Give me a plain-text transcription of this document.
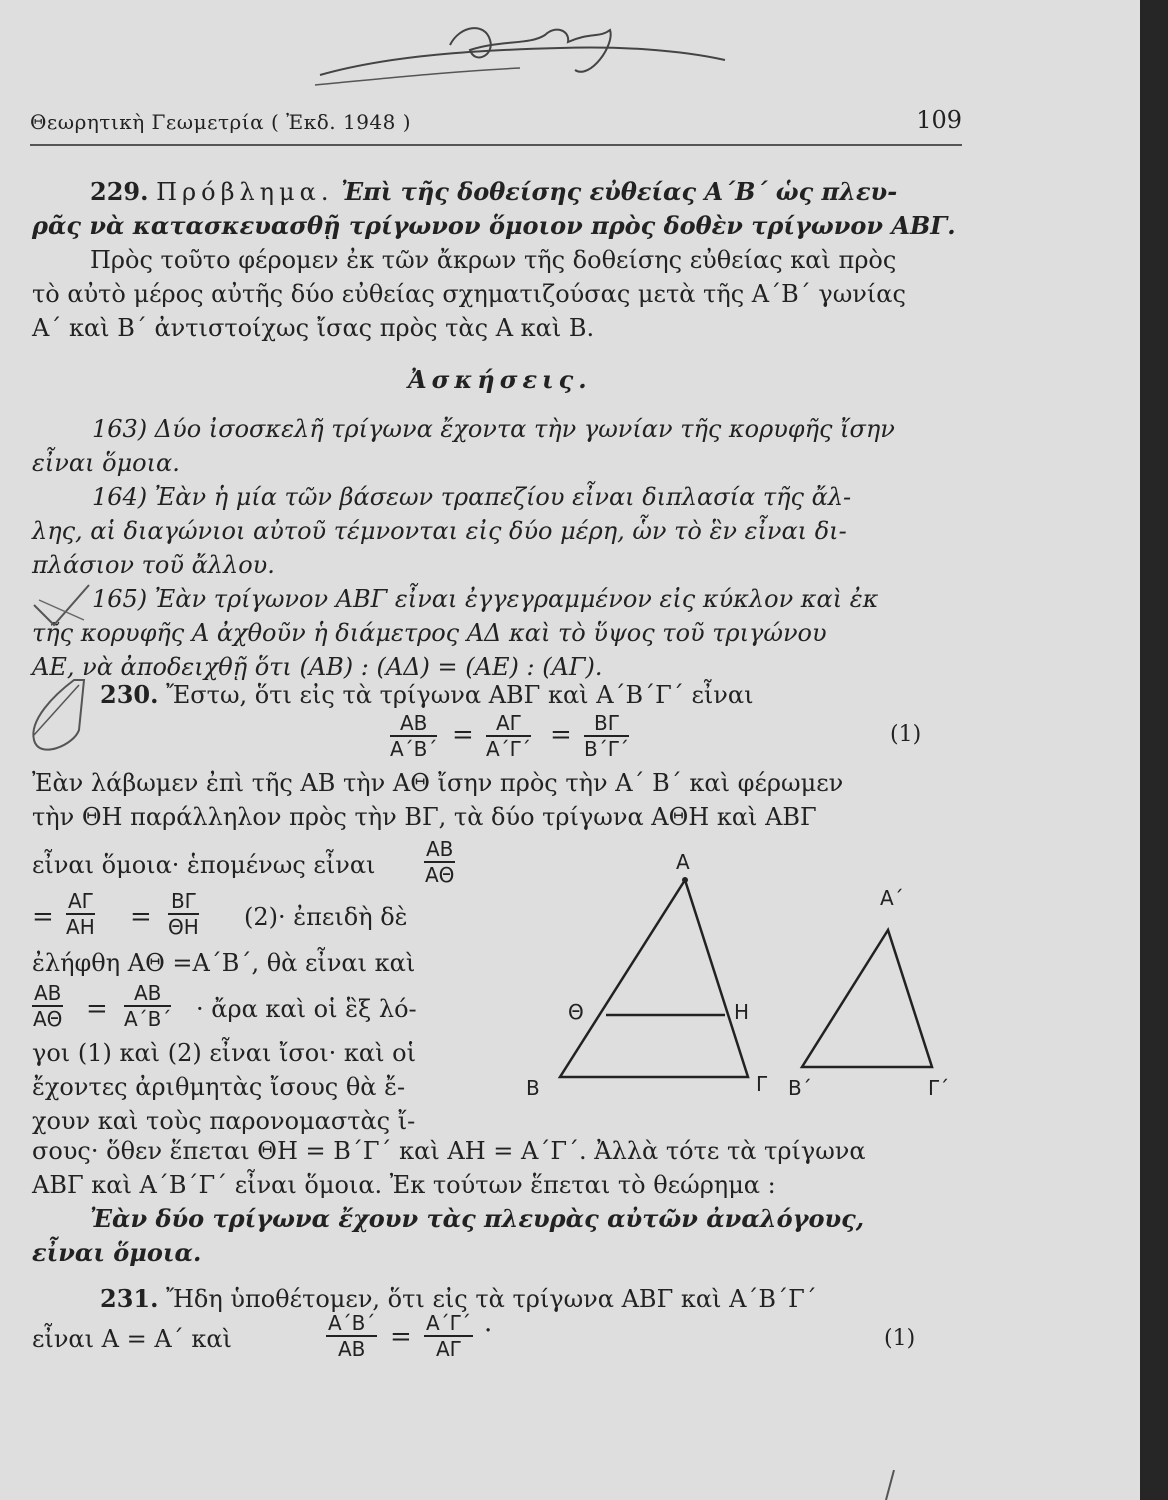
Θεωρητικὴ Γεωμετρία ( Ἐκδ. 1948 )	109
229. Πρόβλημα. Ἐπὶ τῆς δοθείσης εὐθείας Α΄Β΄ ὡς πλευ-
ρᾶς νὰ κατασκευασθῇ τρίγωνον ὅμοιον πρὸς δοθὲν τρίγωνον ΑΒΓ.
Πρὸς τοῦτο φέρομεν ἐκ τῶν ἄκρων τῆς δοθείσης εὐθείας καὶ πρὸς
τὸ αὐτὸ μέρος αὐτῆς δύο εὐθείας σχηματιζούσας μετὰ τῆς Α΄Β΄ γωνίας
Α΄ καὶ Β΄ ἀντιστοίχως ἴσας πρὸς τὰς Α καὶ Β.
Ἀσκήσεις.
163) Δύο ἰσοσκελῆ τρίγωνα ἔχοντα τὴν γωνίαν τῆς κορυφῆς ἴσην
εἶναι ὅμοια.
164) Ἐὰν ἡ μία τῶν βάσεων τραπεζίου εἶναι διπλασία τῆς ἄλ-
λης, αἱ διαγώνιοι αὐτοῦ τέμνονται εἰς δύο μέρη, ὧν τὸ ἓν εἶναι δι-
πλάσιον τοῦ ἄλλου.
165) Ἐὰν τρίγωνον ΑΒΓ εἶναι ἐγγεγραμμένον εἰς κύκλον καὶ ἐκ
τῆς κορυφῆς Α ἀχθοῦν ἡ διάμετρος ΑΔ καὶ τὸ ὕψος τοῦ τριγώνου
ΑΕ, νὰ ἀποδειχθῇ ὅτι (ΑΒ) : (ΑΔ) = (ΑΕ) : (ΑΓ).
230. Ἔστω, ὅτι εἰς τὰ τρίγωνα ΑΒΓ καὶ Α΄Β΄Γ΄ εἶναι
$\frac{AB}{A΄B΄} = \frac{A\Gamma}{A΄\Gamma΄} = \frac{B\Gamma}{B΄\Gamma΄}$	(1)
Ἐὰν λάβωμεν ἐπὶ τῆς ΑΒ τὴν ΑΘ ἴσην πρὸς τὴν Α΄ Β΄ καὶ φέρωμεν
τὴν ΘΗ παράλληλον πρὸς τὴν ΒΓ, τὰ δύο τρίγωνα ΑΘΗ καὶ ΑΒΓ
εἶναι ὅμοια· ἑπομένως εἶναι $\frac{AB}{A\Theta}$
= $\frac{A\Gamma}{AH} = \frac{B\Gamma}{\Theta H} (2)\cdot$ ἐπειδὴ δὲ
ἐλήφθη ΑΘ =Α΄Β΄, θὰ εἶναι καὶ
$\frac{AB}{A\Theta} = \frac{AB}{A΄B΄}$ · ἄρα καὶ οἱ ἓξ λό-
γοι (1) καὶ (2) εἶναι ἴσοι· καὶ οἱ
ἔχοντες ἀριθμητὰς ἴσους θὰ ἔ-
χουν καὶ τοὺς παρονομαστὰς ἴ-
σους· ὅθεν ἕπεται ΘΗ = Β΄Γ΄ καὶ ΑΗ = Α΄Γ΄. Ἀλλὰ τότε τὰ τρίγωνα
ΑΒΓ καὶ Α΄Β΄Γ΄ εἶναι ὅμοια. Ἐκ τούτων ἕπεται τὸ θεώρημα :
Ἐὰν δύο τρίγωνα ἔχουν τὰς πλευρὰς αὐτῶν ἀναλόγους,
εἶναι ὅμοια.
Α
Β	Γ
Θ	Η
Α΄
Β΄	Γ΄
231. Ἤδη ὑποθέτομεν, ὅτι εἰς τὰ τρίγωνα ΑΒΓ καὶ Α΄Β΄Γ΄
εἶναι Α = Α΄ καὶ	$\frac{A΄B΄}{AB} = \frac{A΄\Gamma΄}{A\Gamma}$ ·	(1)
